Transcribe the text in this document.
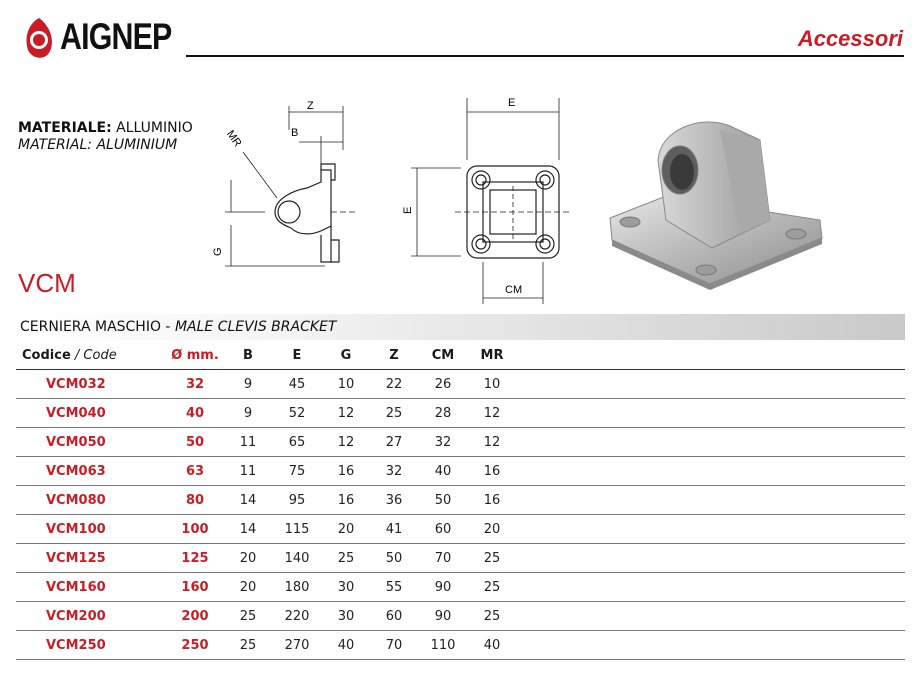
AIGNEP	Accessori
MATERIALE: ALLUMINIO
MATERIAL: ALUMINIUM
VCM
Z
B
MR
G
E
E
CM
CERNIERA MASCHIO - MALE CLEVIS BRACKET
Codice / Code	Ø mm.	B	E	G	Z	CM	MR	
VCM032	32	9	45	10	22	26	10	
VCM040	40	9	52	12	25	28	12	
VCM050	50	11	65	12	27	32	12	
VCM063	63	11	75	16	32	40	16	
VCM080	80	14	95	16	36	50	16	
VCM100	100	14	115	20	41	60	20	
VCM125	125	20	140	25	50	70	25	
VCM160	160	20	180	30	55	90	25	
VCM200	200	25	220	30	60	90	25	
VCM250	250	25	270	40	70	110	40	
